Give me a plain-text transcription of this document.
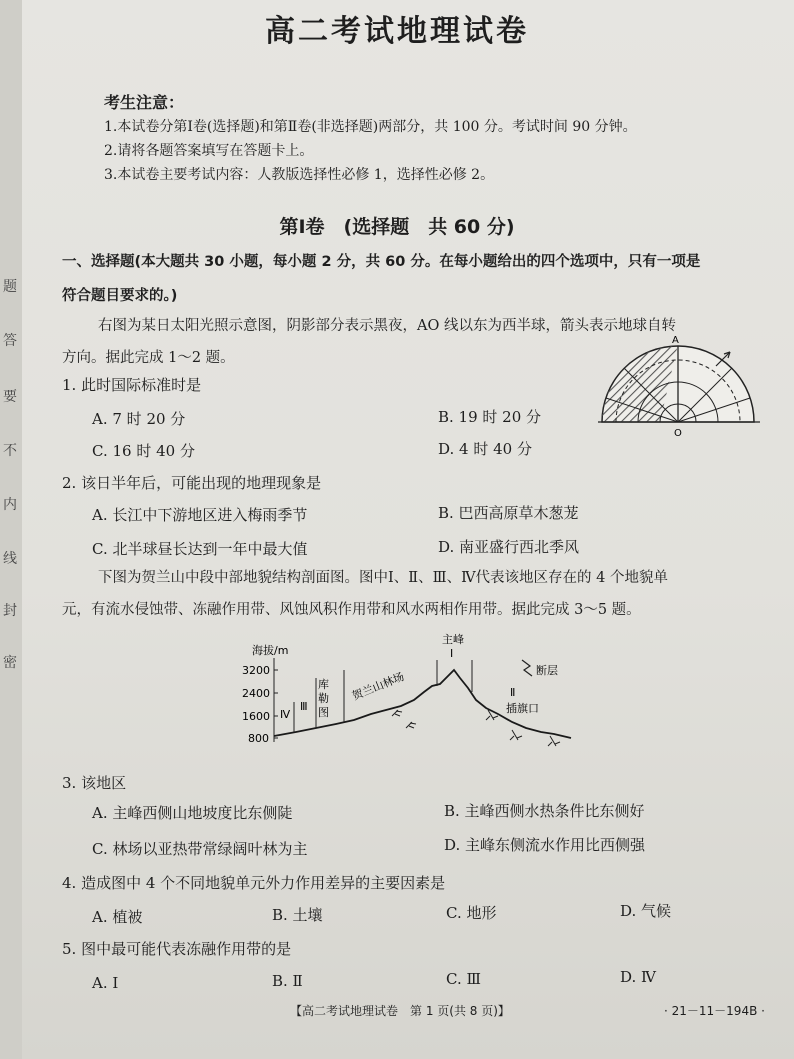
题
答
要
不
内
线
封
密
高二考试地理试卷
考生注意：
1.本试卷分第Ⅰ卷(选择题)和第Ⅱ卷(非选择题)两部分，共 100 分。考试时间 90 分钟。
2.请将各题答案填写在答题卡上。
3.本试卷主要考试内容：人教版选择性必修 1，选择性必修 2。
第Ⅰ卷　(选择题　共 60 分)
一、选择题(本大题共 30 小题，每小题 2 分，共 60 分。在每小题给出的四个选项中，只有一项是
符合题目要求的。)
右图为某日太阳光照示意图，阴影部分表示黑夜，AO 线以东为西半球，箭头表示地球自转
方向。据此完成 1～2 题。
A
O
1. 此时国际标准时是
A. 7 时 20 分	B. 19 时 20 分
C. 16 时 40 分	D. 4 时 40 分
2. 该日半年后，可能出现的地理现象是
A. 长江中下游地区进入梅雨季节	B. 巴西高原草木葱茏
C. 北半球昼长达到一年中最大值	D. 南亚盛行西北季风
下图为贺兰山中段中部地貌结构剖面图。图中Ⅰ、Ⅱ、Ⅲ、Ⅳ代表该地区存在的 4 个地貌单
元，有流水侵蚀带、冻融作用带、风蚀风积作用带和风水两相作用带。据此完成 3～5 题。
海拔/m
3200
2400
1600
800
Ⅳ
Ⅲ
库
勒
图
主峰
Ⅰ
贺兰山林场	Ⅱ
插旗口
断层
3. 该地区
A. 主峰西侧山地坡度比东侧陡	B. 主峰西侧水热条件比东侧好
C. 林场以亚热带常绿阔叶林为主	D. 主峰东侧流水作用比西侧强
4. 造成图中 4 个不同地貌单元外力作用差异的主要因素是
A. 植被	B. 土壤	C. 地形	D. 气候
5. 图中最可能代表冻融作用带的是
A. Ⅰ	B. Ⅱ	C. Ⅲ	D. Ⅳ
【高二考试地理试卷　第 1 页(共 8 页)】	· 21－11－194B ·
